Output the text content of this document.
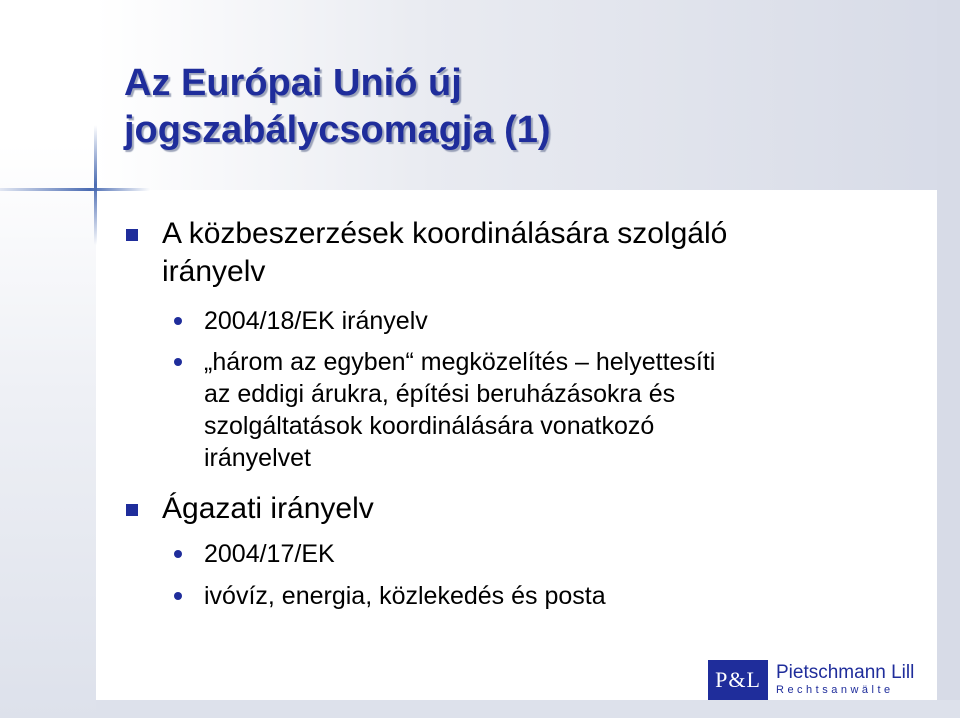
Az Európai Unió új
jogszabálycsomagja (1)
A közbeszerzések koordinálására szolgáló
irányelv
2004/18/EK irányelv
„három az egyben“ megközelítés – helyettesíti
az eddigi árukra, építési beruházásokra és
szolgáltatások koordinálására vonatkozó
irányelvet
Ágazati irányelv
2004/17/EK
ivóvíz, energia, közlekedés és posta
P&L Pietschmann Lill
Rechtsanwälte
